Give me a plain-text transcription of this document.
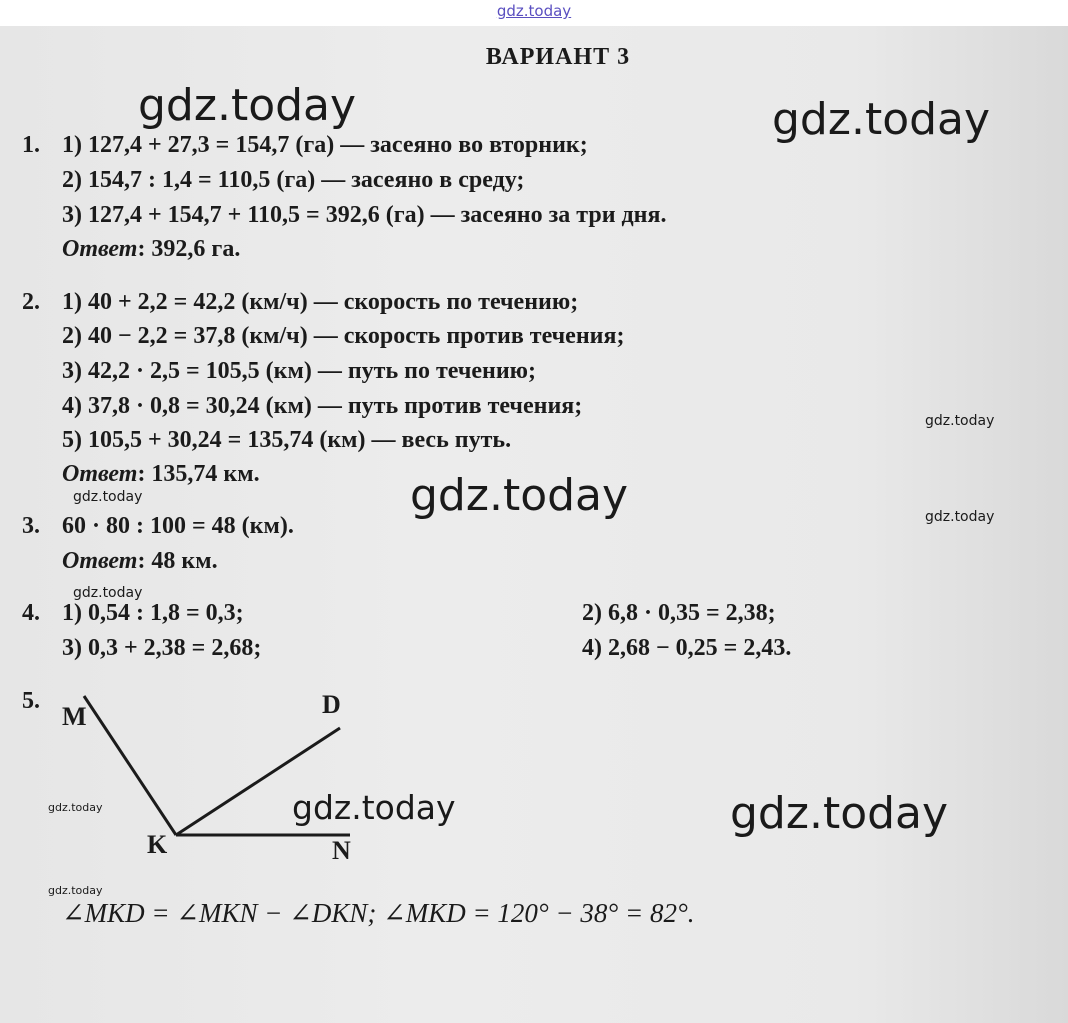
gdz.today
ВАРИАНТ 3
1. 1) 127,4 + 27,3 = 154,7 (га) — засеяно во вторник;
2) 154,7 : 1,4 = 110,5 (га) — засеяно в среду;
3) 127,4 + 154,7 + 110,5 = 392,6 (га) — засеяно за три дня.
Ответ: 392,6 га.
2. 1) 40 + 2,2 = 42,2 (км/ч) — скорость по течению;
2) 40 − 2,2 = 37,8 (км/ч) — скорость против течения;
3) 42,2 · 2,5 = 105,5 (км) — путь по течению;
4) 37,8 · 0,8 = 30,24 (км) — путь против течения;
5) 105,5 + 30,24 = 135,74 (км) — весь путь.
Ответ: 135,74 км.
3. 60 · 80 : 100 = 48 (км).
Ответ: 48 км.
4. 1) 0,54 : 1,8 = 0,3;	2) 6,8 · 0,35 = 2,38;
3) 0,3 + 2,38 = 2,68;	4) 2,68 − 0,25 = 2,43.
5.
M	D
K	N
∠MKD = ∠MKN − ∠DKN; ∠MKD = 120° − 38° = 82°.
gdz.today	gdz.today
gdz.today
gdz.today
gdz.today
gdz.today
gdz.today
gdz.today
gdz.today
gdz.today
gdz.today
